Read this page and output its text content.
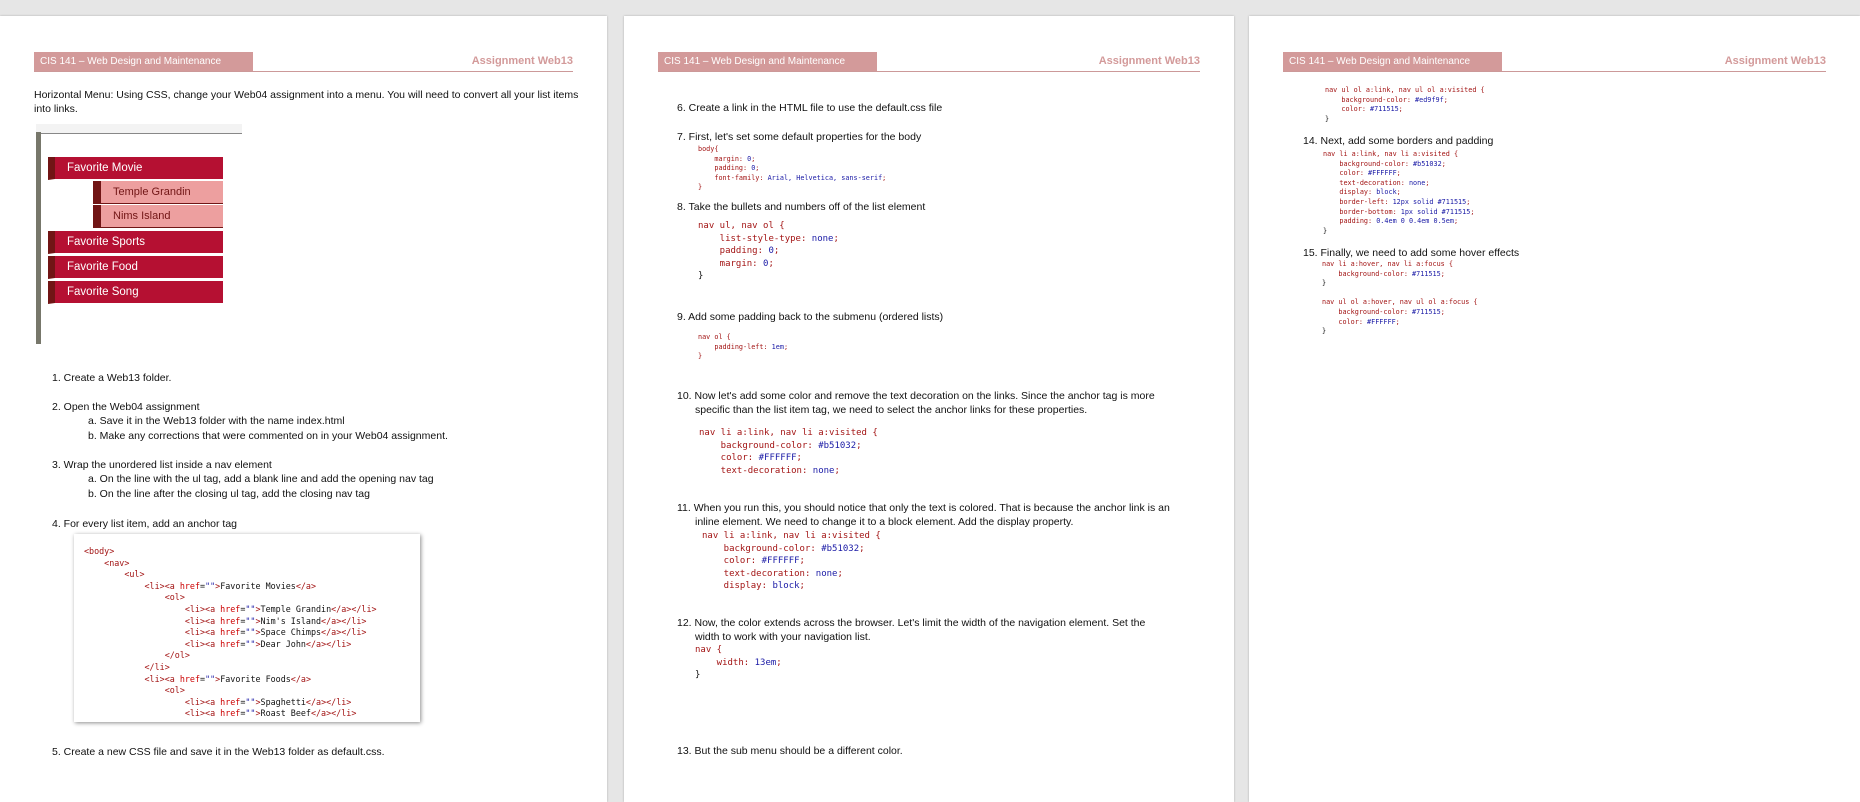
CIS 141 – Web Design and Maintenance	Assignment Web13
Horizontal Menu: Using CSS, change your Web04 assignment into a menu. You will need to convert all your list items into links.
Favorite Movie
Temple Grandin
Nims Island
Favorite Sports
Favorite Food
Favorite Song
1. Create a Web13 folder.
2. Open the Web04 assignment
a. Save it in the Web13 folder with the name index.html
b. Make any corrections that were commented on in your Web04 assignment.
3. Wrap the unordered list inside a nav element
a. On the line with the ul tag, add a blank line and add the opening nav tag
b. On the line after the closing ul tag, add the closing nav tag
4. For every list item, add an anchor tag
<body>
<nav>
<ul>
<li><a href="">Favorite Movies</a>
<ol>
<li><a href="">Temple Grandin</a></li>
<li><a href="">Nim's Island</a></li>
<li><a href="">Space Chimps</a></li>
<li><a href="">Dear John</a></li>
</ol>
</li>
<li><a href="">Favorite Foods</a>
<ol>
<li><a href="">Spaghetti</a></li>
<li><a href="">Roast Beef</a></li>
5. Create a new CSS file and save it in the Web13 folder as default.css.
CIS 141 – Web Design and Maintenance	Assignment Web13
6. Create a link in the HTML file to use the default.css file
7. First, let's set some default properties for the body
body{
margin: 0;
padding: 0;
font-family: Arial, Helvetica, sans-serif;
}
8. Take the bullets and numbers off of the list element
nav ul, nav ol {
list-style-type: none;
padding: 0;
margin: 0;
}
9. Add some padding back to the submenu (ordered lists)
nav ol {
padding-left: 1em;
}
10. Now let's add some color and remove the text decoration on the links. Since the anchor tag is more
specific than the list item tag, we need to select the anchor links for these properties.
nav li a:link, nav li a:visited {
background-color: #b51032;
color: #FFFFFF;
text-decoration: none;
11. When you run this, you should notice that only the text is colored. That is because the anchor link is an
inline element. We need to change it to a block element. Add the display property.
nav li a:link, nav li a:visited {
background-color: #b51032;
color: #FFFFFF;
text-decoration: none;
display: block;
12. Now, the color extends across the browser. Let's limit the width of the navigation element. Set the
width to work with your navigation list.
nav {
width: 13em;
}
13. But the sub menu should be a different color.
CIS 141 – Web Design and Maintenance	Assignment Web13
nav ul ol a:link, nav ul ol a:visited {
background-color: #ed9f9f;
color: #711515;
}
14. Next, add some borders and padding
nav li a:link, nav li a:visited {
background-color: #b51032;
color: #FFFFFF;
text-decoration: none;
display: block;
border-left: 12px solid #711515;
border-bottom: 1px solid #711515;
padding: 0.4em 0 0.4em 0.5em;
}
15. Finally, we need to add some hover effects
nav li a:hover, nav li a:focus {
background-color: #711515;
}

nav ul ol a:hover, nav ul ol a:focus {
background-color: #711515;
color: #FFFFFF;
}
